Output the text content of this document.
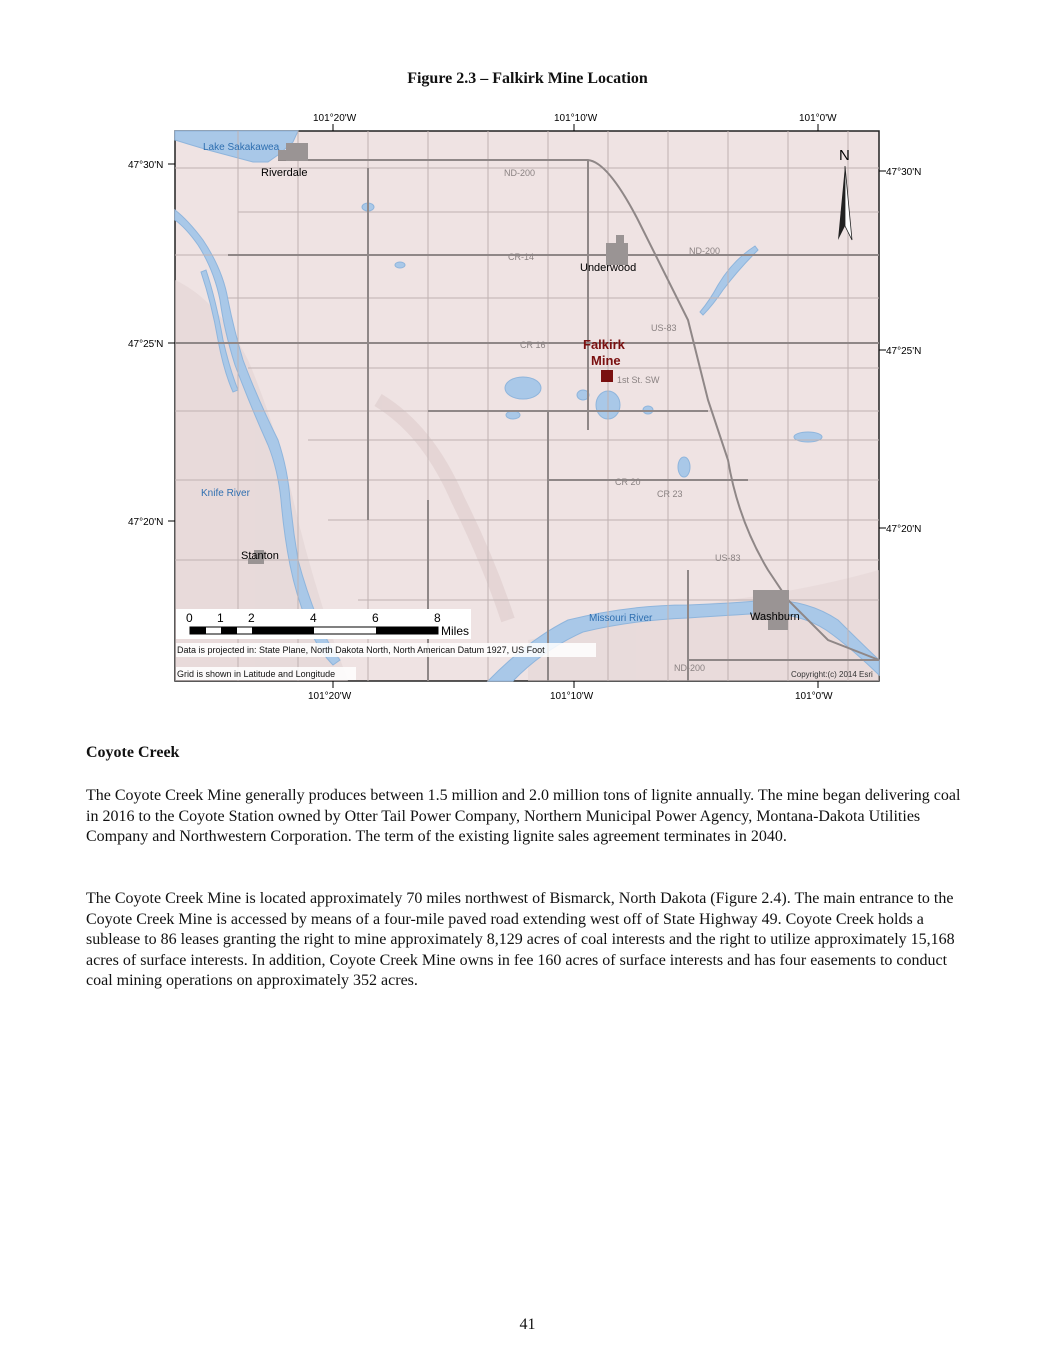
Figure 2.3 – Falkirk Mine Location
Lake Sakakawea
Knife River
Missouri River
Riverdale
Underwood
Stanton
Washburn
ND-200
ND-200
ND-200
CR-14
CR 16
CR 20
CR 23
US-83
US-83
1st St. SW
Falkirk
Mine
N
0 1 2	4	6	8
Miles
Data is projected in: State Plane, North Dakota North, North American Datum 1927, US Foot
Grid is shown in Latitude and Longitude	Copyright:(c) 2014 Esri
101°20'W	101°10'W	101°0'W
101°20'W	101°10'W	101°0'W
47°30'N
47°25'N
47°20'N
47°30'N
47°25'N
47°20'N
Coyote Creek

The Coyote Creek Mine generally produces between 1.5 million and 2.0 million tons of lignite annually. The mine began delivering coal in 2016 to the Coyote Station owned by Otter Tail Power Company, Northern Municipal Power Agency, Montana-Dakota Utilities Company and Northwestern Corporation. The term of the existing lignite sales agreement terminates in 2040.

The Coyote Creek Mine is located approximately 70 miles northwest of Bismarck, North Dakota (Figure 2.4). The main entrance to the Coyote Creek Mine is accessed by means of a four-mile paved road extending west off of State Highway 49. Coyote Creek holds a sublease to 86 leases granting the right to mine approximately 8,129 acres of coal interests and the right to utilize approximately 15,168 acres of surface interests. In addition, Coyote Creek Mine owns in fee 160 acres of surface interests and has four easements to conduct coal mining operations on approximately 352 acres.

41
